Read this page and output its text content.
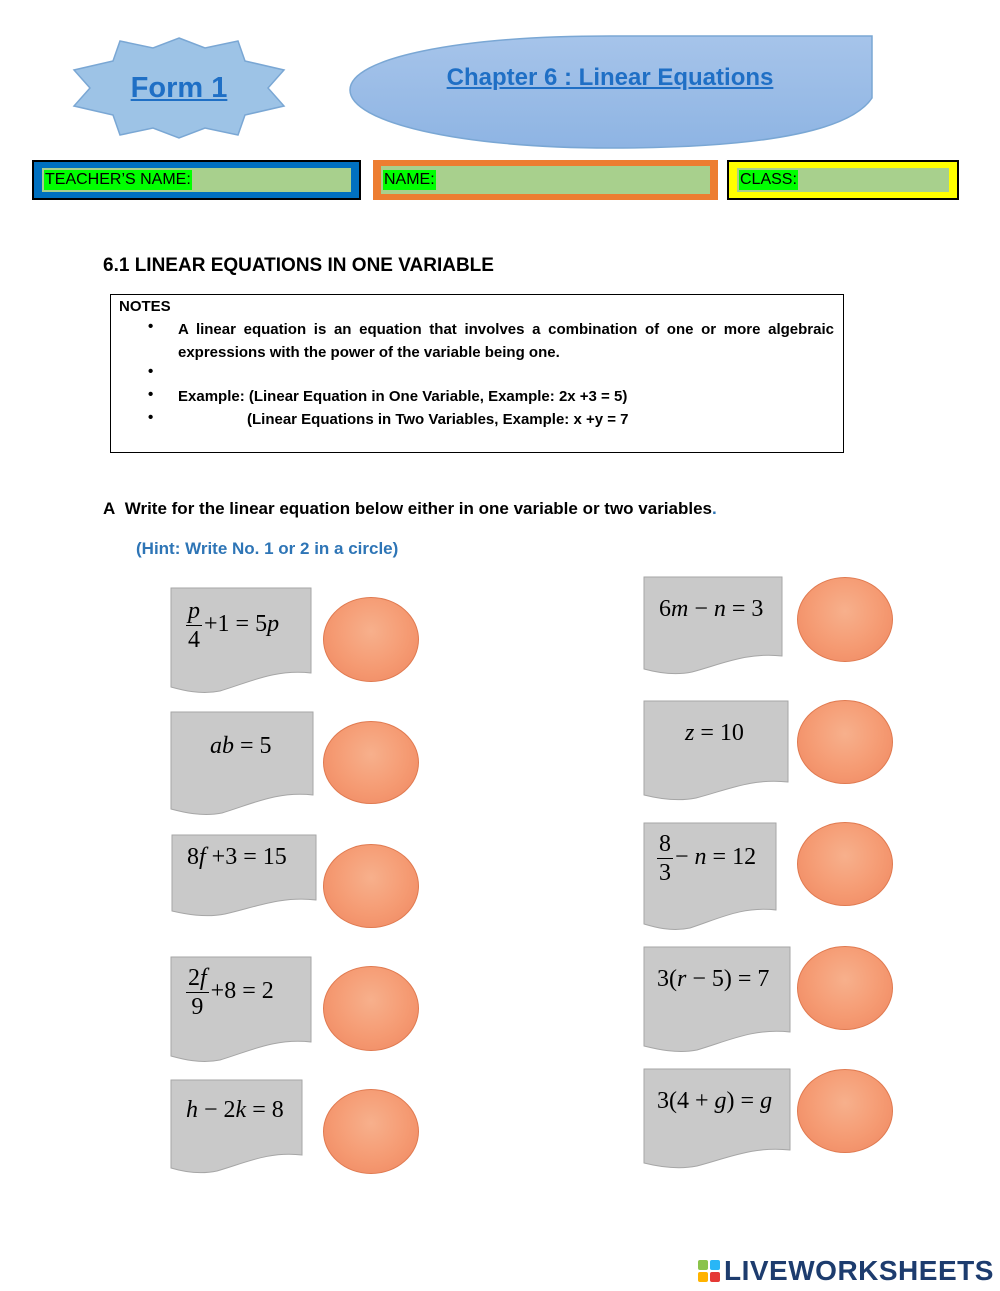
Form 1	Chapter 6 : Linear Equations
TEACHER’S NAME:	NAME:	CLASS:
6.1 LINEAR EQUATIONS IN ONE VARIABLE
NOTES
• A linear equation is an equation that involves a combination of one or more algebraic expressions with the power of the variable being one.
•
• Example: (Linear Equation in One Variable, Example: 2x +3 = 5)
•	(Linear Equations in Two Variables, Example: x +y = 7
A Write for the linear equation below either in one variable or two variables.
(Hint: Write No. 1 or 2 in a circle)
$\frac{p}{4} +1 = 5p$
ab = 5
8f +3 = 15
$\frac{2f}{9} +8 = 2$
h − 2k = 8
6m − n = 3
z = 10
$\frac{8}{3} - n = 12$
3(r − 5) = 7
3(4 + g) = g
LIVEWORKSHEETS
